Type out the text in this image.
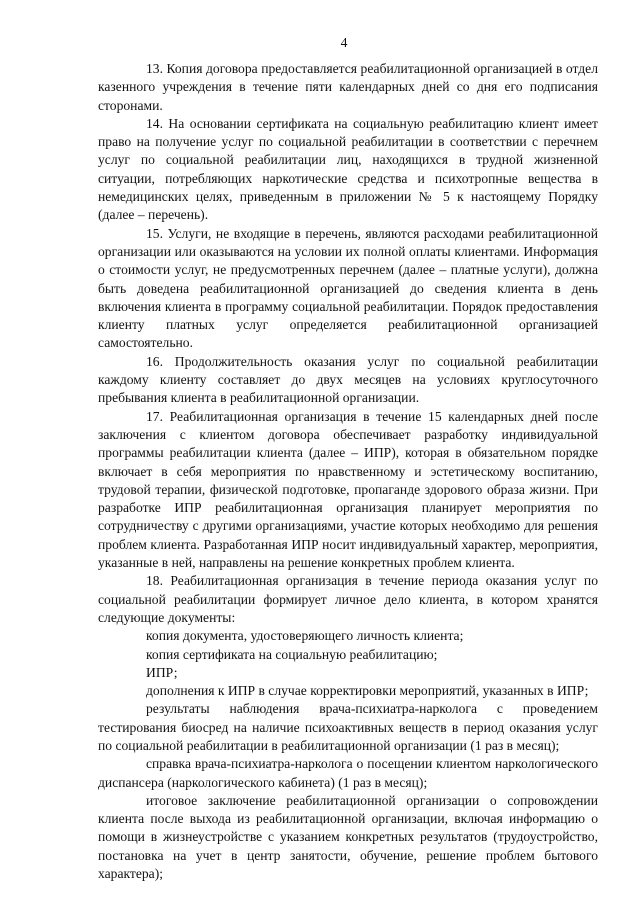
4

13. Копия договора предоставляется реабилитационной организацией в отдел казенного учреждения в течение пяти календарных дней со дня его подписания сторонами.

14. На основании сертификата на социальную реабилитацию клиент имеет право на получение услуг по социальной реабилитации в соответствии с перечнем услуг по социальной реабилитации лиц, находящихся в трудной жизненной ситуации, потребляющих наркотические средства и психотропные вещества в немедицинских целях, приведенным в приложении № 5 к настоящему Порядку (далее – перечень).

15. Услуги, не входящие в перечень, являются расходами реабилитационной организации или оказываются на условии их полной оплаты клиентами. Информация о стоимости услуг, не предусмотренных перечнем (далее – платные услуги), должна быть доведена реабилитационной организацией до сведения клиента в день включения клиента в программу социальной реабилитации. Порядок предоставления клиенту платных услуг определяется реабилитационной организацией самостоятельно.

16. Продолжительность оказания услуг по социальной реабилитации каждому клиенту составляет до двух месяцев на условиях круглосуточного пребывания клиента в реабилитационной организации.

17. Реабилитационная организация в течение 15 календарных дней после заключения с клиентом договора обеспечивает разработку индивидуальной программы реабилитации клиента (далее – ИПР), которая в обязательном порядке включает в себя мероприятия по нравственному и эстетическому воспитанию, трудовой терапии, физической подготовке, пропаганде здорового образа жизни. При разработке ИПР реабилитационная организация планирует мероприятия по сотрудничеству с другими организациями, участие которых необходимо для решения проблем клиента. Разработанная ИПР носит индивидуальный характер, мероприятия, указанные в ней, направлены на решение конкретных проблем клиента.

18. Реабилитационная организация в течение периода оказания услуг по социальной реабилитации формирует личное дело клиента, в котором хранятся следующие документы:

копия документа, удостоверяющего личность клиента;

копия сертификата на социальную реабилитацию;

ИПР;

дополнения к ИПР в случае корректировки мероприятий, указанных в ИПР;

результаты наблюдения врача-психиатра-нарколога с проведением тестирования биосред на наличие психоактивных веществ в период оказания услуг по социальной реабилитации в реабилитационной организации (1 раз в месяц);

справка врача-психиатра-нарколога о посещении клиентом наркологического диспансера (наркологического кабинета) (1 раз в месяц);

итоговое заключение реабилитационной организации о сопровождении клиента после выхода из реабилитационной организации, включая информацию о помощи в жизнеустройстве с указанием конкретных результатов (трудоустройство, постановка на учет в центр занятости, обучение, решение проблем бытового характера);
